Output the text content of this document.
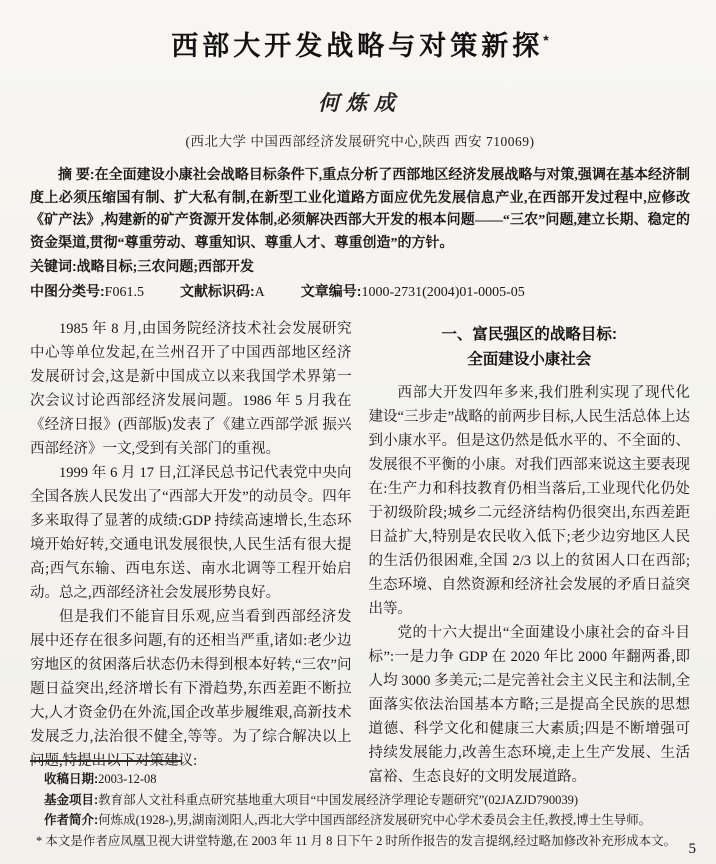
西部大开发战略与对策新探*
何炼成
(西北大学 中国西部经济发展研究中心,陕西 西安 710069)
摘 要:在全面建设小康社会战略目标条件下,重点分析了西部地区经济发展战略与对策,强调在基本经济制度上必须压缩国有制、扩大私有制,在新型工业化道路方面应优先发展信息产业,在西部开发过程中,应修改《矿产法》,构建新的矿产资源开发体制,必须解决西部大开发的根本问题——“三农”问题,建立长期、稳定的资金渠道,贯彻“尊重劳动、尊重知识、尊重人才、尊重创造”的方针。
关键词:战略目标;三农问题;西部开发
中图分类号:F061.5	文献标识码:A	文章编号:1000-2731(2004)01-0005-05

1985 年 8 月,由国务院经济技术社会发展研究中心等单位发起,在兰州召开了中国西部地区经济发展研讨会,这是新中国成立以来我国学术界第一次会议讨论西部经济发展问题。1986 年 5 月我在《经济日报》(西部版)发表了《建立西部学派 振兴西部经济》一文,受到有关部门的重视。

1999 年 6 月 17 日,江泽民总书记代表党中央向全国各族人民发出了“西部大开发”的动员令。四年多来取得了显著的成绩:GDP 持续高速增长,生态环境开始好转,交通电讯发展很快,人民生活有很大提高;西气东输、西电东送、南水北调等工程开始启动。总之,西部经济社会发展形势良好。

但是我们不能盲目乐观,应当看到西部经济发展中还存在很多问题,有的还相当严重,诸如:老少边穷地区的贫困落后状态仍未得到根本好转,“三农”问题日益突出,经济增长有下滑趋势,东西差距不断拉大,人才资金仍在外流,国企改革步履维艰,高新技术发展乏力,法治很不健全,等等。为了综合解决以上问题,特提出以下对策建议:

一、富民强区的战略目标:
全面建设小康社会

西部大开发四年多来,我们胜利实现了现代化建设“三步走”战略的前两步目标,人民生活总体上达到小康水平。但是这仍然是低水平的、不全面的、发展很不平衡的小康。对我们西部来说这主要表现在:生产力和科技教育仍相当落后,工业现代化仍处于初级阶段;城乡二元经济结构仍很突出,东西差距日益扩大,特别是农民收入低下;老少边穷地区人民的生活仍很困难,全国 2/3 以上的贫困人口在西部;生态环境、自然资源和经济社会发展的矛盾日益突出等。

党的十六大提出“全面建设小康社会的奋斗目标”:一是力争 GDP 在 2020 年比 2000 年翻两番,即人均 3000 多美元;二是完善社会主义民主和法制,全面落实依法治国基本方略;三是提高全民族的思想道德、科学文化和健康三大素质;四是不断增强可持续发展能力,改善生态环境,走上生产发展、生活富裕、生态良好的文明发展道路。

收稿日期:2003-12-08
基金项目:教育部人文社科重点研究基地重大项目“中国发展经济学理论专题研究”(02JAZJD790039)
作者简介:何炼成(1928-),男,湖南浏阳人,西北大学中国西部经济发展研究中心学术委员会主任,教授,博士生导师。
* 本文是作者应凤凰卫视大讲堂特邀,在 2003 年 11 月 8 日下午 2 时所作报告的发言提纲,经过略加修改补充形成本文。
5
